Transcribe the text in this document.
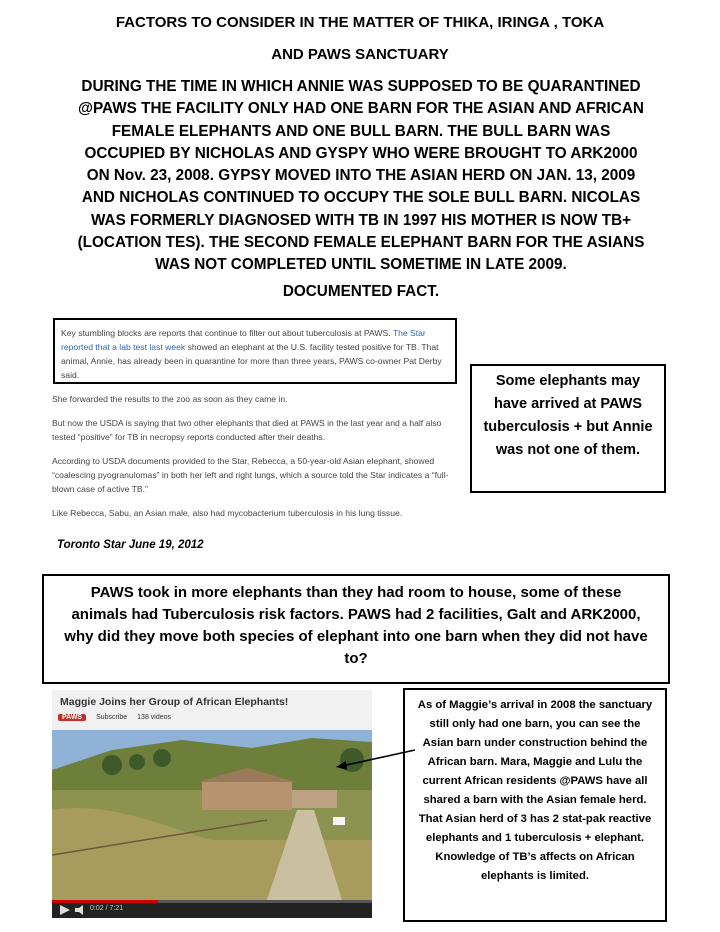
FACTORS TO CONSIDER IN THE MATTER OF THIKA, IRINGA , TOKA
AND PAWS SANCTUARY
DURING THE TIME IN WHICH ANNIE WAS SUPPOSED TO BE QUARANTINED
@PAWS THE FACILITY ONLY HAD ONE BARN FOR THE ASIAN AND AFRICAN
FEMALE ELEPHANTS AND ONE BULL BARN. THE BULL BARN WAS
OCCUPIED BY NICHOLAS AND GYSPY WHO WERE BROUGHT TO ARK2000
ON Nov. 23, 2008. GYPSY MOVED INTO THE ASIAN HERD ON JAN. 13, 2009
AND NICHOLAS CONTINUED TO OCCUPY THE SOLE BULL BARN. NICOLAS
WAS FORMERLY DIAGNOSED WITH TB IN 1997 HIS MOTHER IS NOW TB+
(LOCATION TES). THE SECOND FEMALE ELEPHANT BARN FOR THE ASIANS
WAS NOT COMPLETED UNTIL SOMETIME IN LATE 2009.
DOCUMENTED FACT.
Key stumbling blocks are reports that continue to filter out about tuberculosis at PAWS. The Star reported that a lab test last week showed an elephant at the U.S. facility tested positive for TB. That animal, Annie, has already been in quarantine for more than three years, PAWS co-owner Pat Derby said.

She forwarded the results to the zoo as soon as they came in.

But now the USDA is saying that two other elephants that died at PAWS in the last year and a half also tested “positive” for TB in necropsy reports conducted after their deaths.

According to USDA documents provided to the Star, Rebecca, a 50-year-old Asian elephant, showed “coalescing pyogranulomas” in both her left and right lungs, which a source told the Star indicates a “full-blown case of active TB.”

Like Rebecca, Sabu, an Asian male, also had mycobacterium tuberculosis in his lung tissue.

Toronto Star June 19, 2012
Some elephants may have arrived at PAWS tuberculosis + but Annie was not one of them.
PAWS took in more elephants than they had room to house, some of these animals had Tuberculosis risk factors. PAWS had 2 facilities, Galt and ARK2000, why did they move both species of elephant into one barn when they did not have to?
Maggie Joins her Group of African Elephants!
PAWS Subscribe 138 videos
0:02 / 7:21
As of Maggie’s arrival in 2008 the sanctuary still only had one barn, you can see the Asian barn under construction behind the African barn. Mara, Maggie and Lulu the current African residents @PAWS have all shared a barn with the Asian female herd. That Asian herd of 3 has 2 stat-pak reactive elephants and 1 tuberculosis + elephant. Knowledge of TB’s affects on African elephants is limited.
